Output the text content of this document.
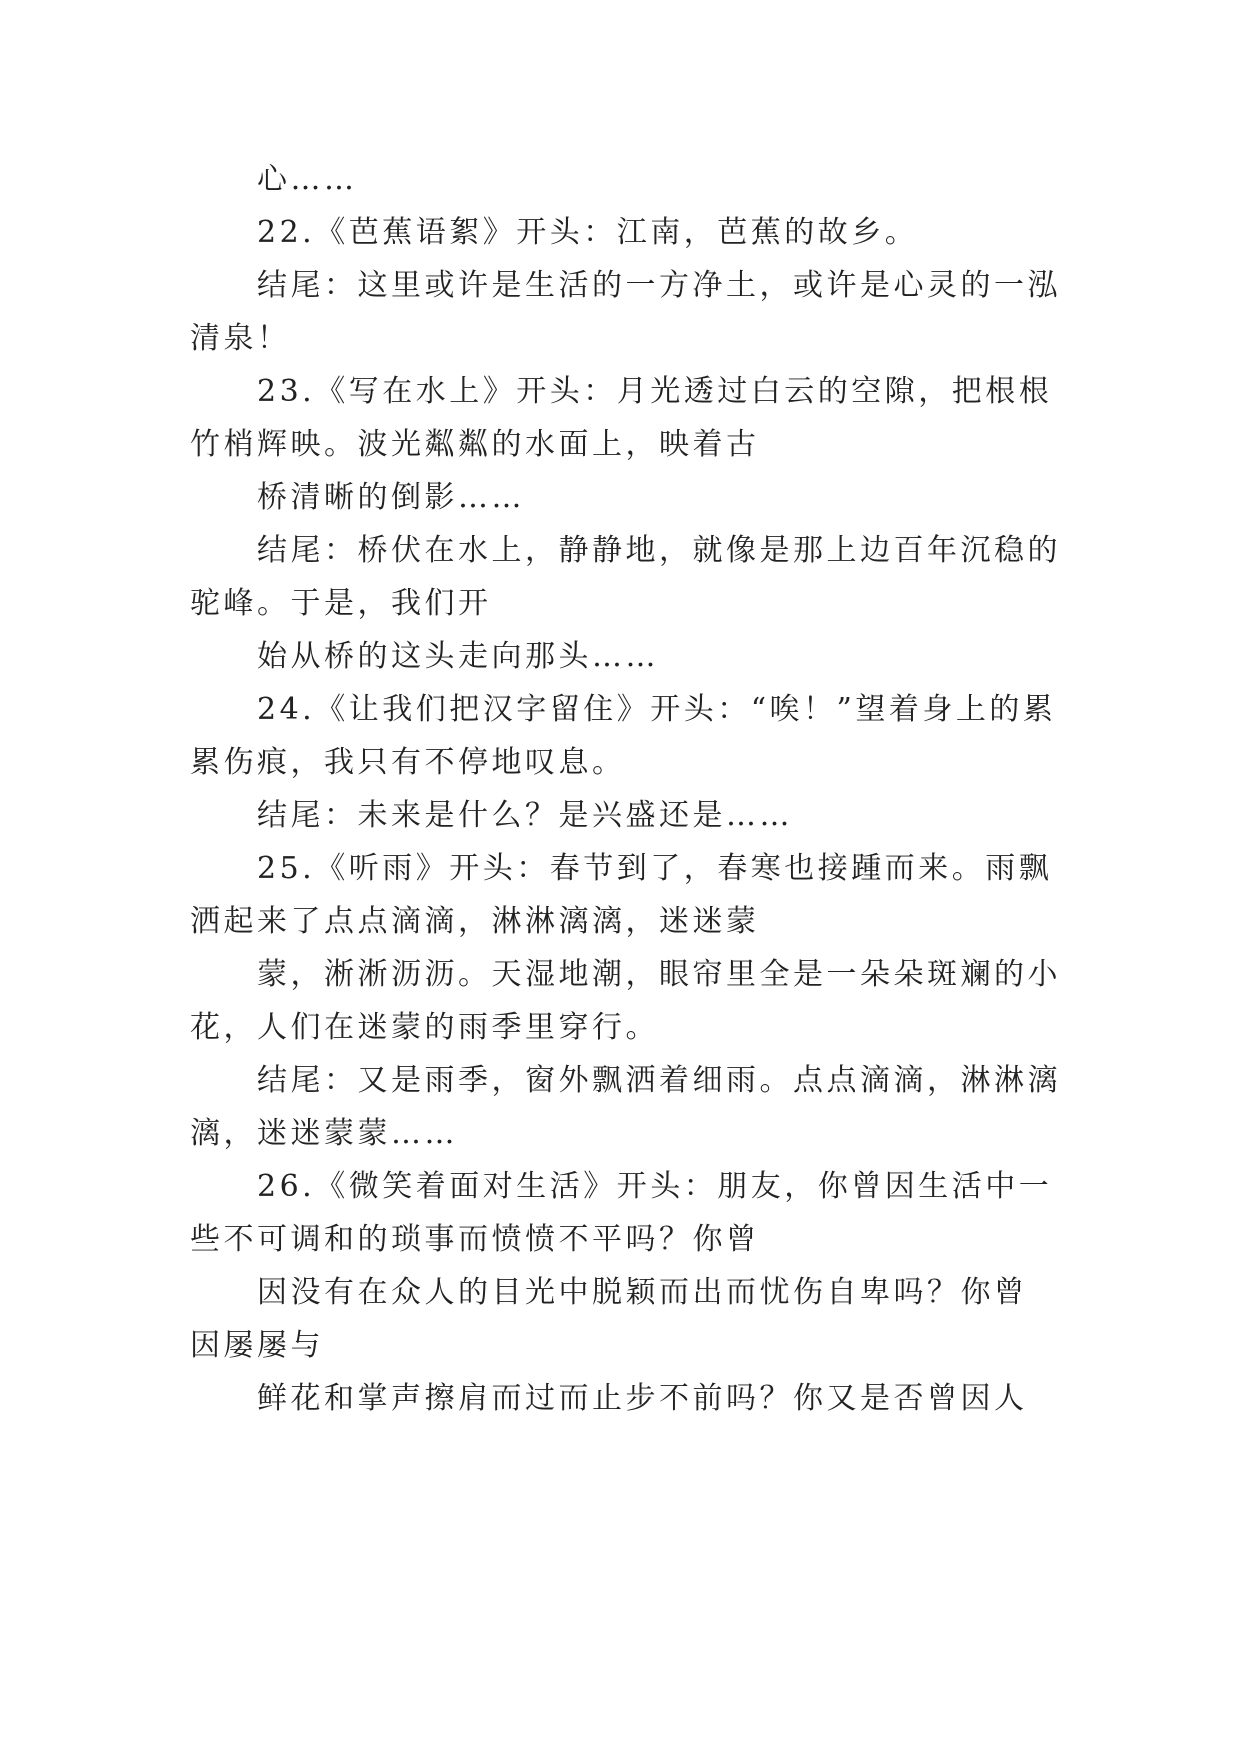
心……
22.《芭蕉语絮》开头：江南，芭蕉的故乡。
结尾：这里或许是生活的一方净土，或许是心灵的一泓
清泉！
23.《写在水上》开头：月光透过白云的空隙，把根根
竹梢辉映。波光粼粼的水面上，映着古
桥清晰的倒影……
结尾：桥伏在水上，静静地，就像是那上边百年沉稳的
驼峰。于是，我们开
始从桥的这头走向那头……
24.《让我们把汉字留住》开头：“唉！”望着身上的累
累伤痕，我只有不停地叹息。
结尾：未来是什么？是兴盛还是……
25.《听雨》开头：春节到了，春寒也接踵而来。雨飘
洒起来了点点滴滴，淋淋漓漓，迷迷蒙
蒙，淅淅沥沥。天湿地潮，眼帘里全是一朵朵斑斓的小
花，人们在迷蒙的雨季里穿行。
结尾：又是雨季，窗外飘洒着细雨。点点滴滴，淋淋漓
漓，迷迷蒙蒙……
26.《微笑着面对生活》开头：朋友，你曾因生活中一
些不可调和的琐事而愤愤不平吗？你曾
因没有在众人的目光中脱颖而出而忧伤自卑吗？你曾
因屡屡与
鲜花和掌声擦肩而过而止步不前吗？你又是否曾因人
